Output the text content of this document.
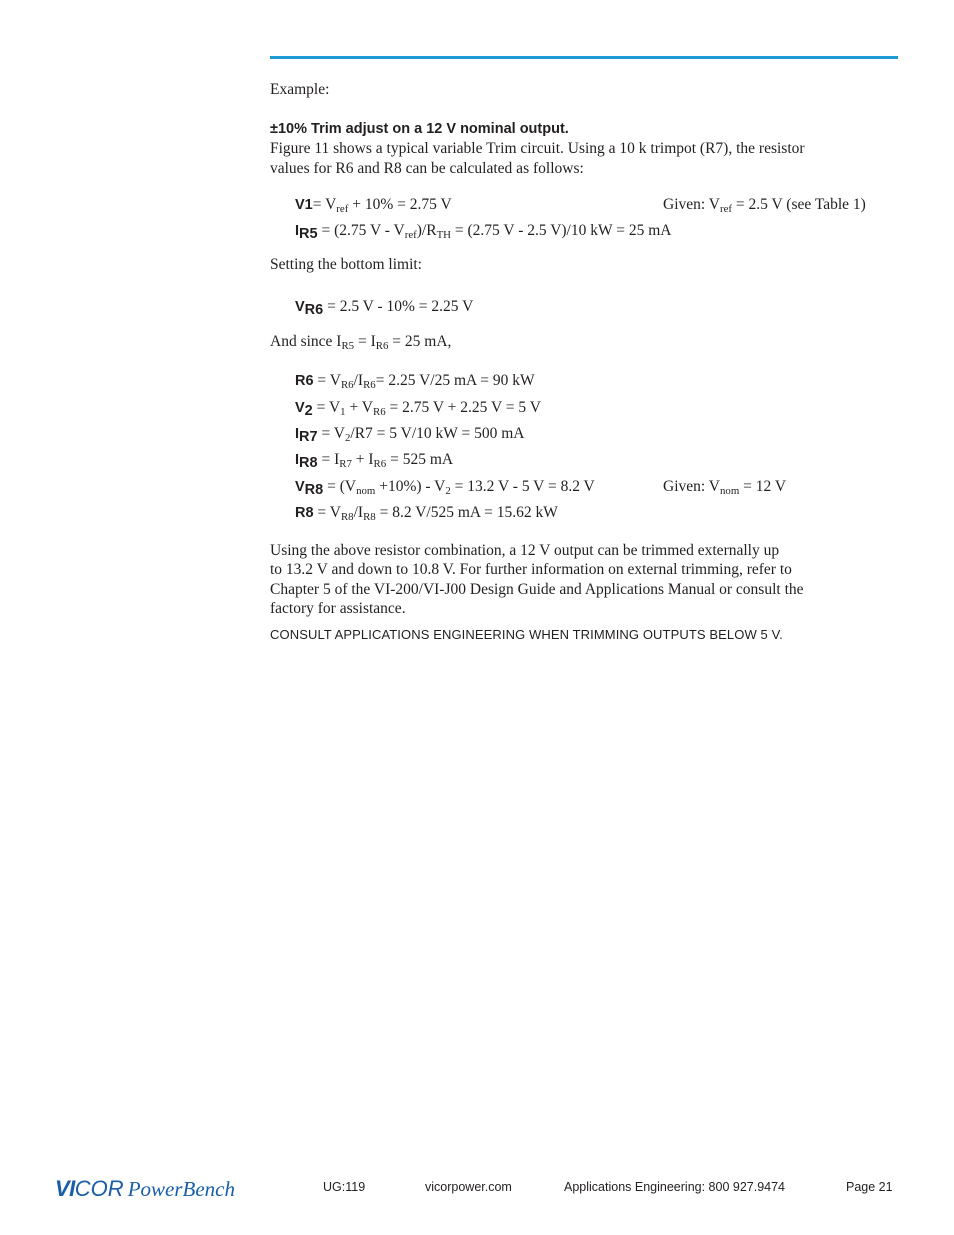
Example:

±10% Trim adjust on a 12 V nominal output.

Figure 11 shows a typical variable Trim circuit. Using a 10 k trimpot (R7), the resistor

values for R6 and R8 can be calculated as follows:

$V1= V_{ref} + 10\% = 2.75$ V	Given: $V_{ref} = 2.5$ V (see Table 1)
$I_{R5} = (2.75$ $V - V_{ref})/R_{TH} = (2.75$ V - 2.5 V)/10 kW = 25 mA

Setting the bottom limit:

$V_{R6} = 2.5$ V - 10% = 2.25 V

And since $I_{R5} = I_{R6} = 25$ mA,

$R6 = V_{R6}/I_{R6}= 2.25$ V/25 mA = 90 kW
$V_2 = V_1 + V_{R6} = 2.75$ V + 2.25 V = 5 V
$I_{R7} = V_2/R7 = 5$ V/10 kW = 500 mA
$I_{R8} = I_{R7} + I_{R6} = 525$ mA
$V_{R8} = (V_{nom} +10\%) - V_2 = 13.2$ V - 5 V = 8.2 V	Given: $V_{nom} = 12$ V
$R8 = V_{R8}/I_{R8} = 8.2$ V/525 mA = 15.62 kW

Using the above resistor combination, a 12 V output can be trimmed externally up

to 13.2 V and down to 10.8 V. For further information on external trimming, refer to

Chapter 5 of the VI-200/VI-J00 Design Guide and Applications Manual or consult the

factory for assistance.

CONSULT APPLICATIONS ENGINEERING WHEN TRIMMING OUTPUTS BELOW 5 V.

VICOR PowerBench	UG:119	vicorpower.com	Applications Engineering: 800 927.9474	Page 21
